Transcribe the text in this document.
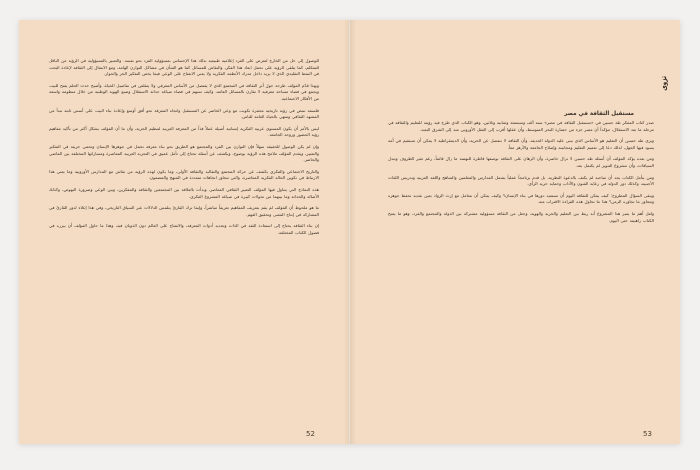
للوصول إلى حل من الخارج لتعرض على الفرد إعلامية طبيعية بذلك هذا الإحساس بمسؤولية الفرد نحو نفسه. والتعبير بالمسؤولية في الرؤية من الناقل للمتكلم، كما يتلقى الرؤية على تحمل ابعاد هذا الفكر، والنقاش للمسائل كما هو الشأن في مشاكل التوازن الهامة، ومع الانتقال إلى الثقافة لإعادة البحث في النمط التقليدي الذي لا يزيد داخل مدرك الأنظمة الفكرية ولا يعني الانفتاح على الوعي فيما يخص التفكير الحر والحوار.

وبهذا قدّم المؤلف طرحه حول أثر الثقافة في المجتمع الذي لا يفتصل من الأساس المعرفي ولا يتقلص في تفاصيل الحياة، وأصبح حدث الحلم يفتح للبيت ويجمع في فضاء مساحة معرفية لا تقارن بالمسائل العامة، وكيف تسهم في فضاء صياغة حداثة الاستقلال وصنع الهوية الوطنية من خلال منظومة واسعة من الأفكار الاجتماعية.

فلسفة تنبض في رؤية تاريخية محفزة تكونت مع وعي الحاضر عن المستقبل واتجاه المعرفة نحو أفق أوسع وإعادة بناء البيت على أسس ثابتة تبدأ من المشهد الثقافي وتنتهي بالحياة العامة للناس.

ليس بالأمر أن يكون المستوى عربية الفكرية إنسانية أصيلة عملاً فذاً من المعرفة العربية لتنظيم الحرية، وأن ما أن المؤلف يشكل أكثر من تأكيد مفاهيم رؤية الحضور وروحه الجامعة.

وإن لم يكن الوصول للحقيقة سهلاً فإن التوازن بين الفرد والمجتمع هو الطريق نحو بناء معرفة تحمل في جوهرها الإنسان وتحمي حريته في التفكير والتعبير، ويقدم المؤلف ملامح هذه الرؤية بوضوح، ويكشف عن أسئلة تحتاج إلى تأمل عميق في التجربة العربية المعاصرة ومساراتها المختلفة بين الماضي والحاضر.

والتاريخ الاجتماعي والفكري يكشف عن حركة المجتمع والتقاليد والثقافة الأولى، وما يكون لهذه الرؤية من نقاش مع المدارس الأوروبية وما يعني هذا الارتباط في تكوين الحالة الفكرية المعاصرة، والتي تتجاوز اتجاهات متعددة في المنهج والمضمون.

هذه النماذج التي يتناول فيها المؤلف التعبير الثقافي المعاصر، وبدأت بالعلاقة بين المجتمعين والثقافة والمفكرين، وبين الوعي وضرورة النهوض، وكذلك الأصالة والحداثة وما بينهما من تحولات كبيرة في صياغة المشروع الفكري.

ما هو ملحوظ أن المؤلف لم يقم بتعريف المفاهيم تعريفاً مباشراً، وإنما ترك القارئ يتلمس الدلالات عبر السياق التاريخي، وفي هذا إعلاء لدور القارئ في المشاركة في إنتاج المعنى وتحقيق الفهم.

إن بناء الثقافة يحتاج إلى استعادة الثقة في الذات وتجديد أدوات المعرفة، والانفتاح على العالم دون الذوبان فيه، وهذا ما حاول المؤلف أن يبرزه في فصول الكتاب المختلفة.

52
نزوى
مستقبل الثقافة في مصر

صدر كتاب المفكر طه حسين في «مستقبل الثقافة في مصر» سنة ألف وتسعمئة وثمانية وثلاثين، وهو الكتاب الذي طرح فيه رؤيته للتعليم والثقافة في مرحلة ما بعد الاستقلال، مؤكداً أن مصر جزء من حضارة البحر المتوسط، وأن عقلها أقرب إلى العقل الأوروبي منه إلى الشرق البعيد.

ويرى طه حسين أن التعليم هو الأساس الذي تبنى عليه الدولة الحديثة، وأن الثقافة لا تنفصل عن الحرية، وأن الديمقراطية لا يمكن أن تستقيم في أمة يسود فيها الجهل، لذلك دعا إلى تعميم التعليم ومجانيته وإصلاح الجامعة والأزهر معاً.

ومن بعده يؤكد المؤلف أن أسئلة طه حسين لا تزال حاضرة، وأن الرهان على الثقافة بوصفها قاطرة للنهضة ما زال قائماً، رغم تغير الظروف وتبدل السياقات، وأن مشروع التنوير لم يكتمل بعد.

ومن يتأمل الكتاب يجد أن صاحبه لم يكتف بالدعوة النظرية، بل قدم برنامجاً عملياً يشمل المدارس والمعلمين والمناهج واللغة العربية وتدريس اللغات الأجنبية، وكذلك دور الدولة في رعاية الفنون والآداب وحماية حرية الرأي.

ويبقى السؤال المطروح: كيف يمكن للثقافة اليوم أن تستعيد دورها في بناء الإنسان؟ وكيف يمكن أن نتعامل مع إرث الرواد بعين نقدية تحفظ جوهره وتتجاوز ما تجاوزه الزمن؟ هذا ما تحاول هذه القراءة الاقتراب منه.

ولعل أهم ما يميز هذا المشروع أنه ربط بين التعليم والحرية والهوية، وجعل من الثقافة مسؤولية مشتركة بين الدولة والمجتمع والفرد، وهو ما يمنح الكتاب راهنيته حتى اليوم.

53
